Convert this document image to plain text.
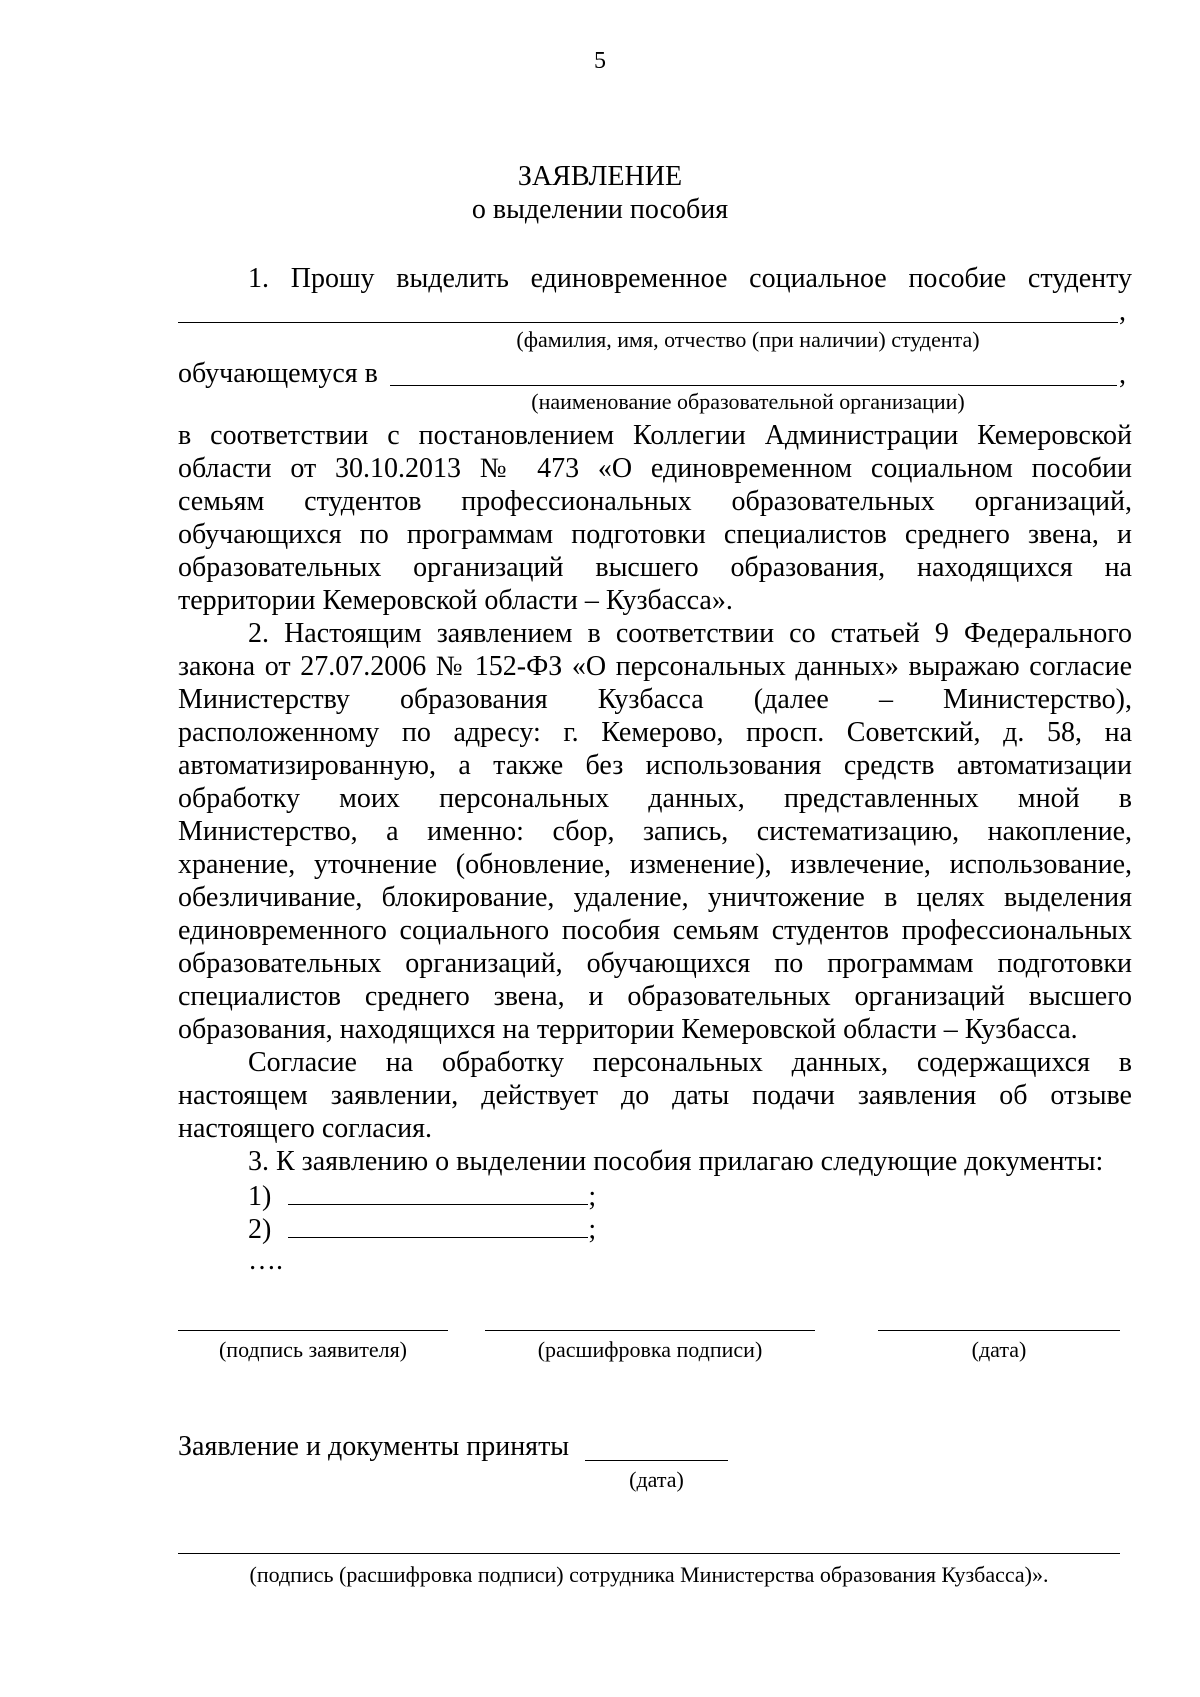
5
ЗАЯВЛЕНИЕ
о выделении пособия
1. Прошу выделить единовременное социальное пособие студенту
,
(фамилия, имя, отчество (при наличии) студента)
обучающемуся в	,
(наименование образовательной организации)
в соответствии с постановлением Коллегии Администрации Кемеровской
области от 30.10.2013 № 473 «О единовременном социальном пособии
семьям студентов профессиональных образовательных организаций,
обучающихся по программам подготовки специалистов среднего звена, и
образовательных организаций высшего образования, находящихся на
территории Кемеровской области – Кузбасса».
2. Настоящим заявлением в соответствии со статьей 9 Федерального
закона от 27.07.2006 № 152-ФЗ «О персональных данных» выражаю согласие
Министерству образования Кузбасса (далее – Министерство),
расположенному по адресу: г. Кемерово, просп. Советский, д. 58, на
автоматизированную, а также без использования средств автоматизации
обработку моих персональных данных, представленных мной в
Министерство, а именно: сбор, запись, систематизацию, накопление,
хранение, уточнение (обновление, изменение), извлечение, использование,
обезличивание, блокирование, удаление, уничтожение в целях выделения
единовременного социального пособия семьям студентов профессиональных
образовательных организаций, обучающихся по программам подготовки
специалистов среднего звена, и образовательных организаций высшего
образования, находящихся на территории Кемеровской области – Кузбасса.
Согласие на обработку персональных данных, содержащихся в
настоящем заявлении, действует до даты подачи заявления об отзыве
настоящего согласия.
3. К заявлению о выделении пособия прилагаю следующие документы:
1)	;
2)	;
….
(подпись заявителя)	(расшифровка подписи)	(дата)
Заявление и документы приняты
(дата)
(подпись (расшифровка подписи) сотрудника Министерства образования Кузбасса)».
